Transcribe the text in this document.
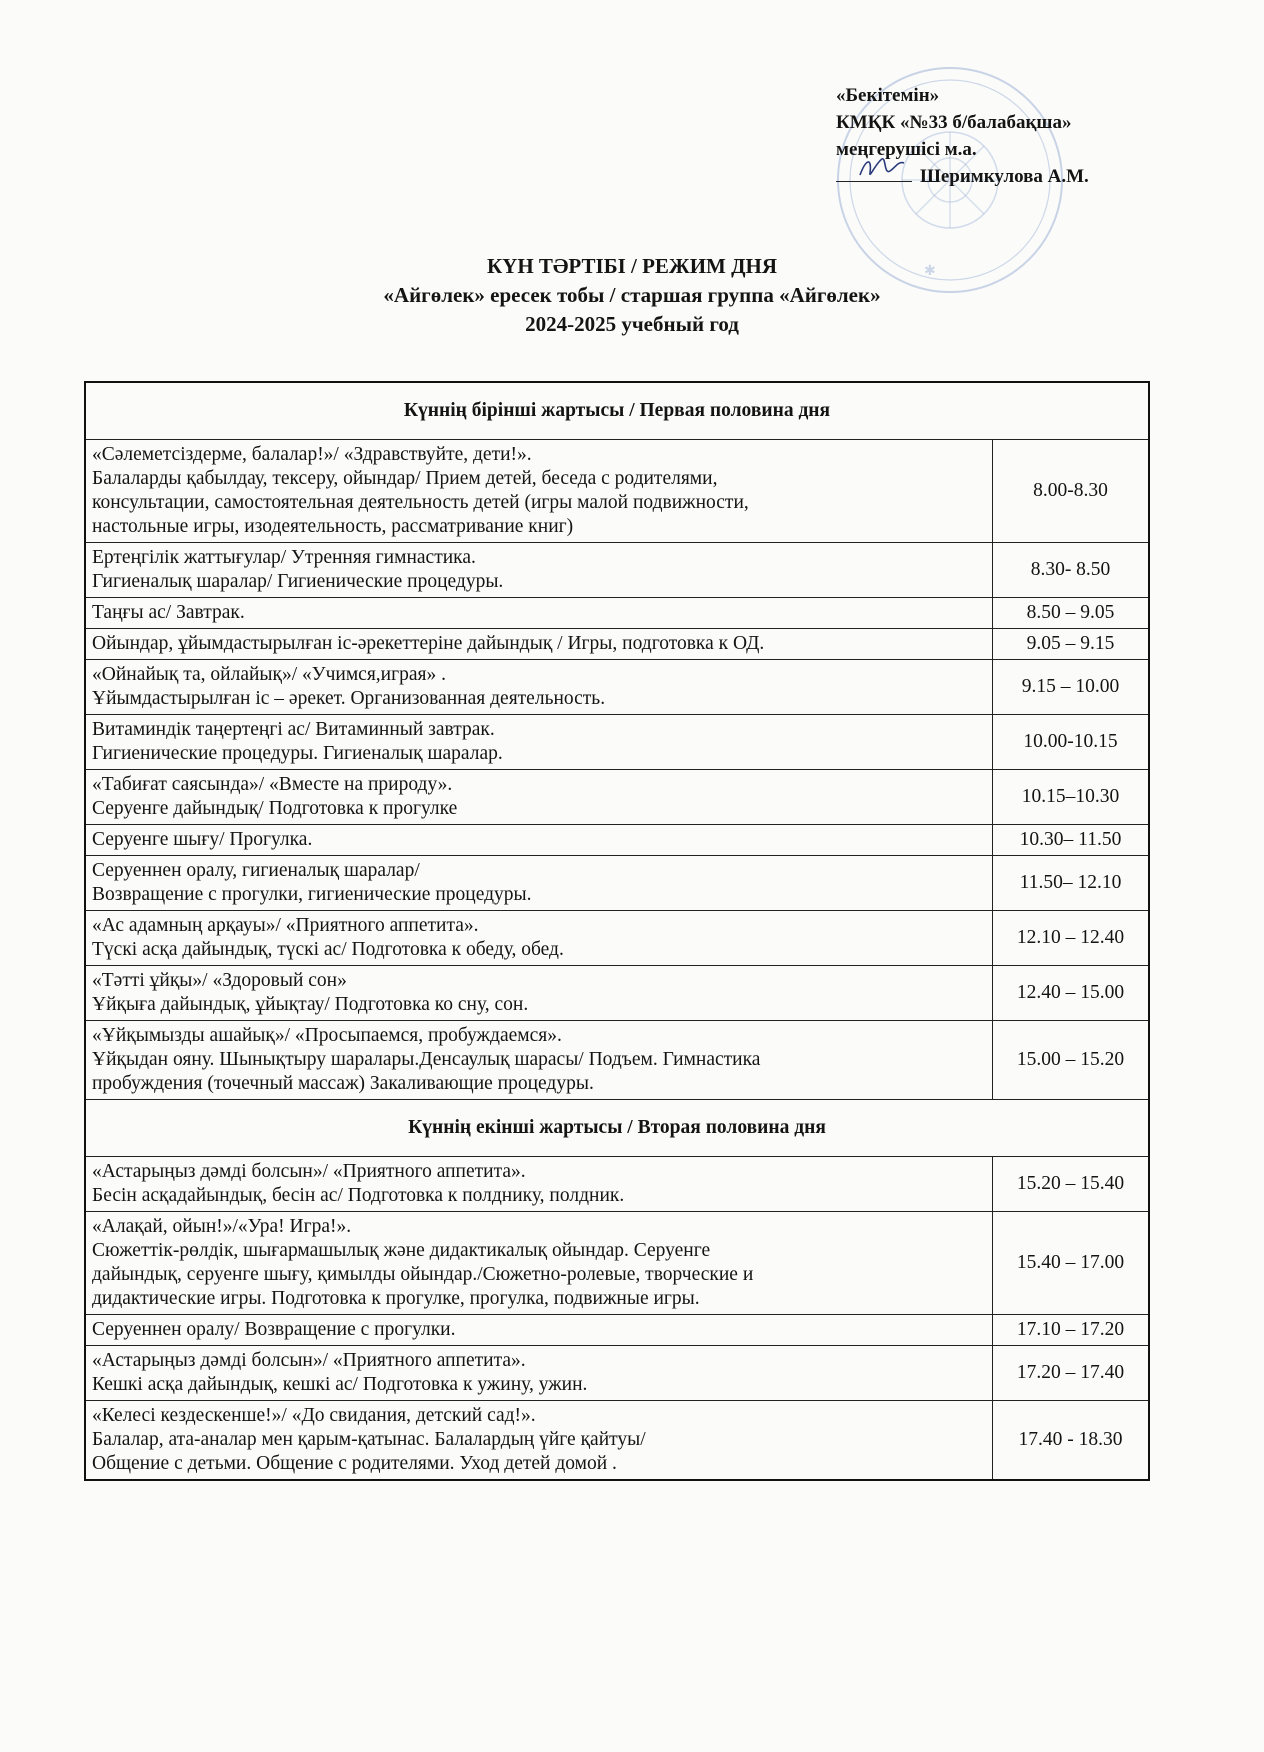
✱
«Бекітемін»
КМҚК «№33 б/балабақша»
меңгерушісі м.а.
Шеримкулова А.М.
КҮН ТӘРТІБІ / РЕЖИМ ДНЯ
«Айгөлек» ересек тобы / старшая группа «Айгөлек»
2024-2025 учебный год
Күннің бірінші жартысы / Первая половина дня	

«Сәлеметсіздерме, балалар!»/ «Здравствуйте, дети!».
Балаларды қабылдау, тексеру, ойындар/ Прием детей, беседа с родителями,
консультации, самостоятельная деятельность детей (игры малой подвижности,
настольные игры, изодеятельность, рассматривание книг)	8.00-8.30

Ертеңгілік жаттығулар/ Утренняя гимнастика.
Гигиеналық шаралар/ Гигиенические процедуры.	8.30- 8.50

Таңғы ас/ Завтрак.	8.50 – 9.05

Ойындар, ұйымдастырылған іс-әрекеттеріне дайындық / Игры, подготовка к ОД.	9.05 – 9.15

«Ойнайық та, ойлайық»/ «Учимся,играя» .
Ұйымдастырылған іс – әрекет. Организованная деятельность.	9.15 – 10.00

Витаминдік таңертеңгі ас/ Витаминный завтрак.
Гигиенические процедуры. Гигиеналық шаралар.	10.00-10.15

«Табиғат саясында»/ «Вместе на природу».
Серуенге дайындық/ Подготовка к прогулке	10.15–10.30

Серуенге шығу/ Прогулка.	10.30– 11.50

Серуеннен оралу, гигиеналық шаралар/
Возвращение с прогулки, гигиенические процедуры.	11.50– 12.10

«Ас адамның арқауы»/ «Приятного аппетита».
Түскі асқа дайындық, түскі ас/ Подготовка к обеду, обед.	12.10 – 12.40

«Тәтті ұйқы»/ «Здоровый сон»
Ұйқыға дайындық, ұйықтау/ Подготовка ко сну, сон.	12.40 – 15.00

«Ұйқымызды ашайық»/ «Просыпаемся, пробуждаемся».
Ұйқыдан ояну. Шынықтыру шаралары.Денсаулық шарасы/ Подъем. Гимнастика
пробуждения (точечный массаж) Закаливающие процедуры.	15.00 – 15.20
Күннің екінші жартысы / Вторая половина дня	

«Астарыңыз дәмді болсын»/ «Приятного аппетита».
Бесін асқадайындық, бесін ас/ Подготовка к полднику, полдник.	15.20 – 15.40

«Алақай, ойын!»/«Ура! Игра!».
Сюжеттік-рөлдік, шығармашылық және дидактикалық ойындар. Серуенге
дайындық, серуенге шығу, қимылды ойындар./Сюжетно-ролевые, творческие и
дидактические игры. Подготовка к прогулке, прогулка, подвижные игры.	15.40 – 17.00

Серуеннен оралу/ Возвращение с прогулки.	17.10 – 17.20

«Астарыңыз дәмді болсын»/ «Приятного аппетита».
Кешкі асқа дайындық, кешкі ас/ Подготовка к ужину, ужин.	17.20 – 17.40

«Келесі кездескенше!»/ «До свидания, детский сад!».
Балалар, ата-аналар мен қарым-қатынас. Балалардың үйге қайтуы/
Общение с детьми. Общение с родителями. Уход детей домой .	17.40 - 18.30
